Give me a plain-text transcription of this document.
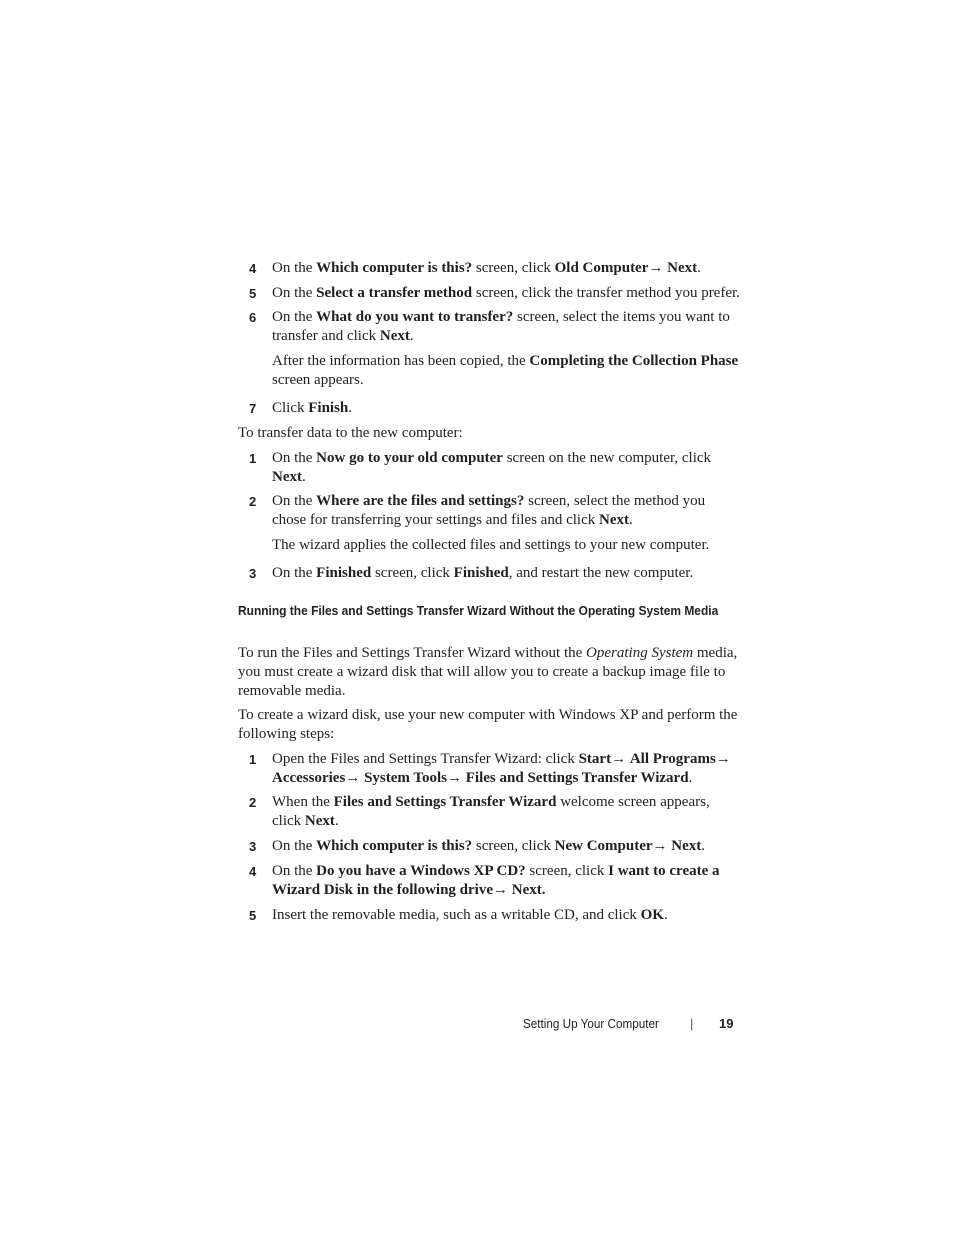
4 On the Which computer is this? screen, click Old Computer→ Next.
5 On the Select a transfer method screen, click the transfer method you prefer.
6 On the What do you want to transfer? screen, select the items you want to transfer and click Next.
After the information has been copied, the Completing the Collection Phase screen appears.
7 Click Finish.
To transfer data to the new computer:
1 On the Now go to your old computer screen on the new computer, click Next.
2 On the Where are the files and settings? screen, select the method you chose for transferring your settings and files and click Next.
The wizard applies the collected files and settings to your new computer.
3 On the Finished screen, click Finished, and restart the new computer.
Running the Files and Settings Transfer Wizard Without the Operating System Media
To run the Files and Settings Transfer Wizard without the Operating System media, you must create a wizard disk that will allow you to create a backup image file to removable media.
To create a wizard disk, use your new computer with Windows XP and perform the following steps:
1 Open the Files and Settings Transfer Wizard: click Start→ All Programs→ Accessories→ System Tools→ Files and Settings Transfer Wizard.
2 When the Files and Settings Transfer Wizard welcome screen appears, click Next.
3 On the Which computer is this? screen, click New Computer→ Next.
4 On the Do you have a Windows XP CD? screen, click I want to create a Wizard Disk in the following drive→ Next.
5 Insert the removable media, such as a writable CD, and click OK.
Setting Up Your Computer | 19
